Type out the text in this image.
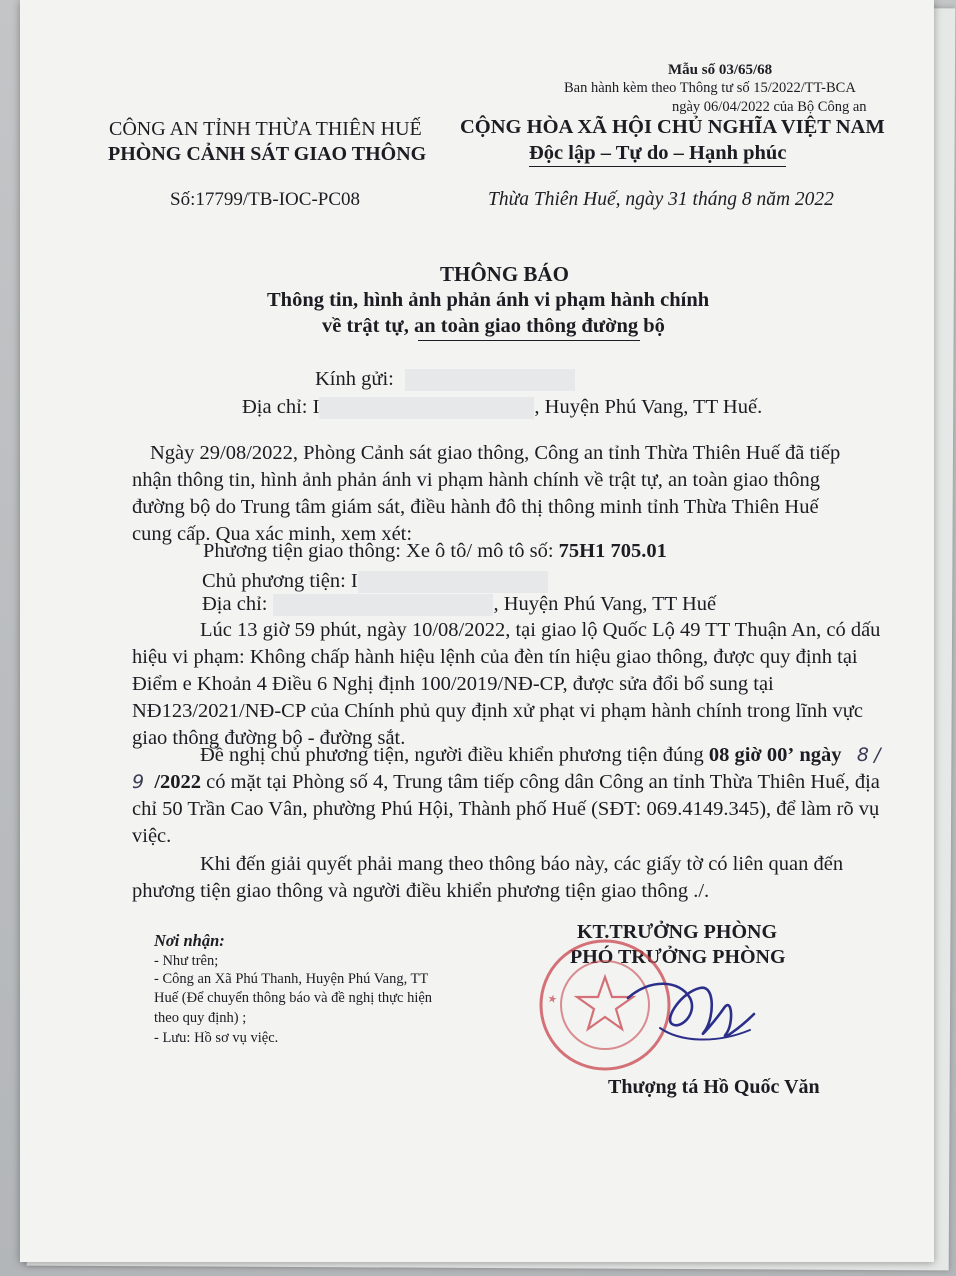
Mẫu số 03/65/68
Ban hành kèm theo Thông tư số 15/2022/TT-BCA
ngày 06/04/2022 của Bộ Công an
CÔNG AN TỈNH THỪA THIÊN HUẾ
PHÒNG CẢNH SÁT GIAO THÔNG
Số:17799/TB-IOC-PC08
CỘNG HÒA XÃ HỘI CHỦ NGHĨA VIỆT NAM
Độc lập – Tự do – Hạnh phúc
Thừa Thiên Huế, ngày 31 tháng 8 năm 2022
THÔNG BÁO
Thông tin, hình ảnh phản ánh vi phạm hành chính
về trật tự, an toàn giao thông đường bộ
Kính gửi:
Địa chỉ: I	, Huyện Phú Vang, TT Huế.
Ngày 29/08/2022, Phòng Cảnh sát giao thông, Công an tỉnh Thừa Thiên Huế đã tiếp nhận thông tin, hình ảnh phản ánh vi phạm hành chính về trật tự, an toàn giao thông đường bộ do Trung tâm giám sát, điều hành đô thị thông minh tỉnh Thừa Thiên Huế cung cấp. Qua xác minh, xem xét:
Phương tiện giao thông: Xe ô tô/ mô tô số: 75H1 705.01
Chủ phương tiện: I
Địa chỉ:	, Huyện Phú Vang, TT Huế
Lúc 13 giờ 59 phút, ngày 10/08/2022, tại giao lộ Quốc Lộ 49 TT Thuận An, có dấu hiệu vi phạm: Không chấp hành hiệu lệnh của đèn tín hiệu giao thông, được quy định tại Điểm e Khoản 4 Điều 6 Nghị định 100/2019/NĐ-CP, được sửa đổi bổ sung tại NĐ123/2021/NĐ-CP của Chính phủ quy định xử phạt vi phạm hành chính trong lĩnh vực giao thông đường bộ - đường sắt.
Đề nghị chủ phương tiện, người điều khiển phương tiện đúng 08 giờ 00’ ngày 8 / 9 /2022 có mặt tại Phòng số 4, Trung tâm tiếp công dân Công an tỉnh Thừa Thiên Huế, địa chỉ 50 Trần Cao Vân, phường Phú Hội, Thành phố Huế (SĐT: 069.4149.345), để làm rõ vụ việc.
Khi đến giải quyết phải mang theo thông báo này, các giấy tờ có liên quan đến phương tiện giao thông và người điều khiển phương tiện giao thông ./.
Nơi nhận:
- Như trên;
- Công an Xã Phú Thanh, Huyện Phú Vang, TT
Huế (Để chuyển thông báo và đề nghị thực hiện
theo quy định) ;
- Lưu: Hồ sơ vụ việc.
KT.TRƯỞNG PHÒNG
PHÓ TRƯỞNG PHÒNG
★
Thượng tá Hồ Quốc Văn
